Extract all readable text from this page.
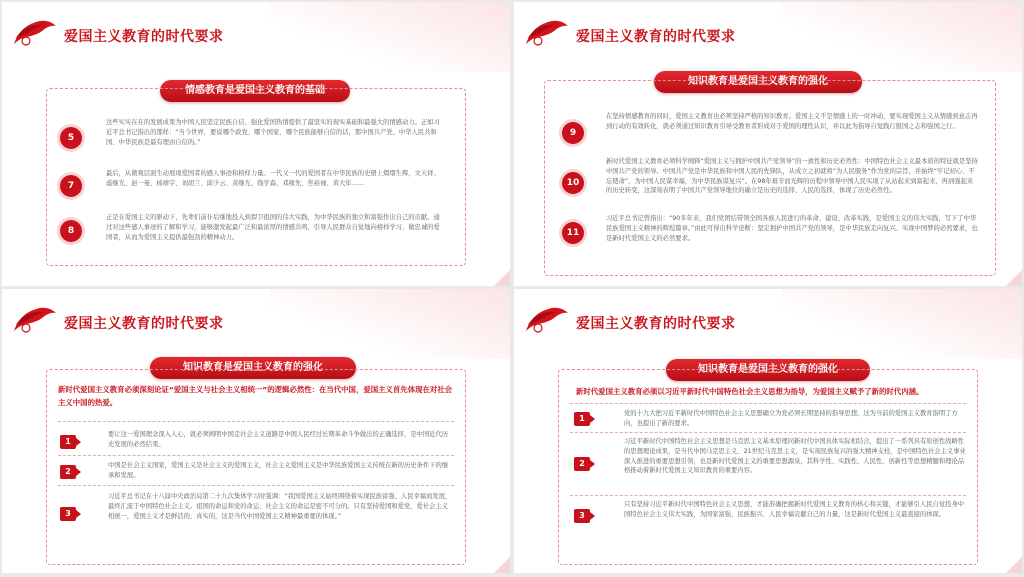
爱国主义教育的时代要求
情感教育是爱国主义教育的基础
5
这些实实在在的发展成果为中国人民坚定民族自信、强化爱国热情提供了最坚实的现实基础和最强大的情感动力。正如习近平总书记指出的那样：“当今世界，要说哪个政党、哪个国家、哪个民族能够自信的话，那中国共产党、中华人民共和国、中华民族是最有理由自信的。”
7
最后，从微观层面生动展现爱国者的感人事迹和榜样力量。一代又一代的爱国者在中华民族的史册上熠熠生辉，文天祥、戚继光、赵一曼、杨靖宇、刘胡兰、邱少云、黄继光、钱学森、邓稼先、焦裕禄、黄大年……
8
正是在爱国主义的驱动下，先辈们前仆后继地投入到捍卫祖国的伟大实践，为中华民族的独立和富强作出自己的贡献。通过对这些感人事迹的了解和学习，能够激发起最广泛和最浓厚的情感共鸣，引导人民群众自觉地向榜样学习、做忠诚的爱国者，从而为爱国主义提供最强劲的精神动力。
爱国主义教育的时代要求
知识教育是爱国主义教育的强化
9
在坚持情感教育的同时，爱国主义教育也必须坚持严格的知识教育。爱国主义不是情感上的一时冲动，要实现爱国主义从情感到意志再到行动的有效转化，就必须通过知识教育引导受教育者形成对于爱国的理性认识，并以此为指导自觉践行报国之志和强国之行。
10
新时代爱国主义教育必须科学阐释“爱国主义与拥护中国共产党领导”的一致性和历史必然性：中国特色社会主义最本质的特征就是坚持中国共产党的领导。中国共产党是中华民族和中国人民的先锋队，从成立之初就将“为人民服务”作为党的宗旨，并始终“牢记初心、不忘使命”，为中国人民谋幸福，为中华民族谋复兴”。在98年艰辛而光辉的历程中领导中国人民实现了从站起来到富起来，再到强起来的历史转变，这深刻表明了中国共产党领导地位的确立是历史的选择、人民的选择，体现了历史必然性。
11
习近平总书记曾指出：“90多年来，我们党团结带领全国各族人民进行的革命、建设、改革实践，是爱国主义的伟大实践，写下了中华民族爱国主义精神的辉煌篇章。”由此可得出科学论断：坚定拥护中国共产党的领导，是中华民族走向复兴、实现中国梦的必然要求，也是新时代爱国主义的必然要求。
爱国主义教育的时代要求
知识教育是爱国主义教育的强化
新时代爱国主义教育必须深刻论证“爱国主义与社会主义相统一”的逻辑必然性：在当代中国，爱国主义首先体现在对社会主义中国的热爱。
1
要让这一爱国理念深入人心，就必须阐明中国走社会主义道路是中国人民经过长期革命斗争做出的正确选择，是中国近代历史发展的必然结果。
2
中国是社会主义国家，爱国主义是社会主义的爱国主义，社会主义爱国主义是中华民族爱国主义传统在新的历史条件下的继承和发展。
3
习近平总书记在十八届中央政治局第二十九次集体学习时强调：“我国爱国主义始终围绕着实现民族富强、人民幸福而发展，最终汇流于中国特色社会主义。祖国的命运和党的命运、社会主义的命运是密不可分的。只有坚持爱国和爱党、爱社会主义相统一，爱国主义才是鲜活的、真实的，这是当代中国爱国主义精神最重要的体现。”
爱国主义教育的时代要求
知识教育是爱国主义教育的强化
新时代爱国主义教育必须以习近平新时代中国特色社会主义思想为指导，为爱国主义赋予了新的时代内涵。
1
党的十九大把习近平新时代中国特色社会主义思想确立为党必须长期坚持的指导思想，这为当前的爱国主义教育指明了方向，也提出了新的要求。
2
习近平新时代中国特色社会主义思想是马克思主义基本原理同新时代中国具体实际相结合，提出了一系列具有原创性战略性的思想理论成果，是当代中国马克思主义、21世纪马克思主义，是实现民族复兴的强大精神支柱，是中国特色社会主义事业深入推进的重要思想引领，也是新时代爱国主义的重要思想源泉，其科学性、实践性、人民性、创新性等思想精髓和理论品格推动着新时代爱国主义知识教育的重要内容。
3
只有坚持习近平新时代中国特色社会主义思想，才能准确把握新时代爱国主义教育的核心和关键，才能够引人民自觉投身中国特色社会主义伟大实践，为国家富强、民族振兴、人民幸福贡献自己的力量，这是新时代爱国主义最直接的体现。
